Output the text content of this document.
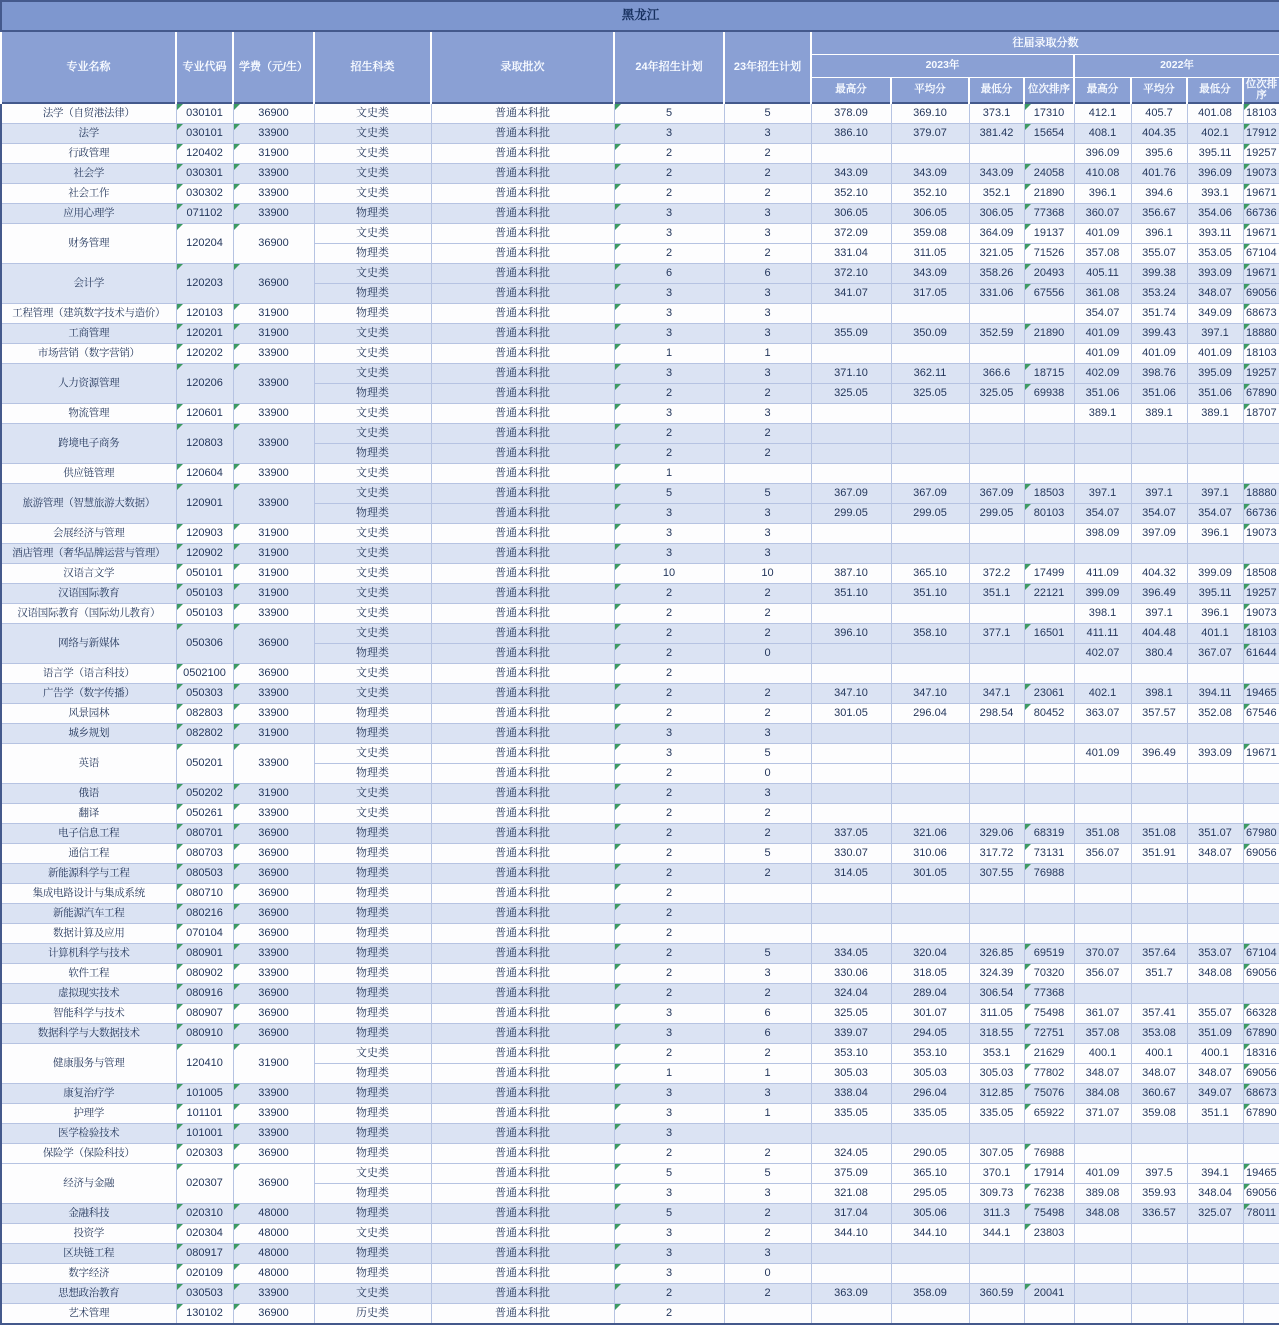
黑龙江														
专业名称	专业代码	学费（元/生）	招生科类	录取批次	24年招生计划	23年招生计划	往届录取分数							
							2023年				2022年			
							最高分	平均分	最低分	位次排序	最高分	平均分	最低分	位次排序
法学（自贸港法律）	030101	36900	文史类	普通本科批	5	5	378.09	369.10	373.1	17310	412.1	405.7	401.08	18103
法学	030101	33900	文史类	普通本科批	3	3	386.10	379.07	381.42	15654	408.1	404.35	402.1	17912
行政管理	120402	31900	文史类	普通本科批	2	2					396.09	395.6	395.11	19257
社会学	030301	33900	文史类	普通本科批	2	2	343.09	343.09	343.09	24058	410.08	401.76	396.09	19073
社会工作	030302	33900	文史类	普通本科批	2	2	352.10	352.10	352.1	21890	396.1	394.6	393.1	19671
应用心理学	071102	33900	物理类	普通本科批	3	3	306.05	306.05	306.05	77368	360.07	356.67	354.06	66736
财务管理	120204	36900	文史类	普通本科批	3	3	372.09	359.08	364.09	19137	401.09	396.1	393.11	19671
			物理类	普通本科批	2	2	331.04	311.05	321.05	71526	357.08	355.07	353.05	67104
会计学	120203	36900	文史类	普通本科批	6	6	372.10	343.09	358.26	20493	405.11	399.38	393.09	19671
			物理类	普通本科批	3	3	341.07	317.05	331.06	67556	361.08	353.24	348.07	69056
工程管理（建筑数字技术与造价）	120103	31900	物理类	普通本科批	3	3					354.07	351.74	349.09	68673
工商管理	120201	31900	文史类	普通本科批	3	3	355.09	350.09	352.59	21890	401.09	399.43	397.1	18880
市场营销（数字营销）	120202	33900	文史类	普通本科批	1	1					401.09	401.09	401.09	18103
人力资源管理	120206	33900	文史类	普通本科批	3	3	371.10	362.11	366.6	18715	402.09	398.76	395.09	19257
			物理类	普通本科批	2	2	325.05	325.05	325.05	69938	351.06	351.06	351.06	67890
物流管理	120601	33900	文史类	普通本科批	3	3					389.1	389.1	389.1	18707
跨境电子商务	120803	33900	文史类	普通本科批	2	2								
			物理类	普通本科批	2	2								
供应链管理	120604	33900	文史类	普通本科批	1									
旅游管理（智慧旅游大数据）	120901	33900	文史类	普通本科批	5	5	367.09	367.09	367.09	18503	397.1	397.1	397.1	18880
			物理类	普通本科批	3	3	299.05	299.05	299.05	80103	354.07	354.07	354.07	66736
会展经济与管理	120903	31900	文史类	普通本科批	3	3					398.09	397.09	396.1	19073
酒店管理（奢华品牌运营与管理）	120902	31900	文史类	普通本科批	3	3								
汉语言文学	050101	31900	文史类	普通本科批	10	10	387.10	365.10	372.2	17499	411.09	404.32	399.09	18508
汉语国际教育	050103	31900	文史类	普通本科批	2	2	351.10	351.10	351.1	22121	399.09	396.49	395.11	19257
汉语国际教育（国际幼儿教育）	050103	33900	文史类	普通本科批	2	2					398.1	397.1	396.1	19073
网络与新媒体	050306	36900	文史类	普通本科批	2	2	396.10	358.10	377.1	16501	411.11	404.48	401.1	18103
			物理类	普通本科批	2	0					402.07	380.4	367.07	61644
语言学（语言科技）	0502100	36900	文史类	普通本科批	2									
广告学（数字传播）	050303	33900	文史类	普通本科批	2	2	347.10	347.10	347.1	23061	402.1	398.1	394.11	19465
风景园林	082803	33900	物理类	普通本科批	2	2	301.05	296.04	298.54	80452	363.07	357.57	352.08	67546
城乡规划	082802	31900	物理类	普通本科批	3	3								
英语	050201	33900	文史类	普通本科批	3	5					401.09	396.49	393.09	19671
			物理类	普通本科批	2	0								
俄语	050202	31900	文史类	普通本科批	2	3								
翻译	050261	33900	文史类	普通本科批	2	2								
电子信息工程	080701	36900	物理类	普通本科批	2	2	337.05	321.06	329.06	68319	351.08	351.08	351.07	67980
通信工程	080703	36900	物理类	普通本科批	2	5	330.07	310.06	317.72	73131	356.07	351.91	348.07	69056
新能源科学与工程	080503	36900	物理类	普通本科批	2	2	314.05	301.05	307.55	76988				
集成电路设计与集成系统	080710	36900	物理类	普通本科批	2									
新能源汽车工程	080216	36900	物理类	普通本科批	2									
数据计算及应用	070104	36900	物理类	普通本科批	2									
计算机科学与技术	080901	33900	物理类	普通本科批	2	5	334.05	320.04	326.85	69519	370.07	357.64	353.07	67104
软件工程	080902	33900	物理类	普通本科批	2	3	330.06	318.05	324.39	70320	356.07	351.7	348.08	69056
虚拟现实技术	080916	36900	物理类	普通本科批	2	2	324.04	289.04	306.54	77368				
智能科学与技术	080907	36900	物理类	普通本科批	3	6	325.05	301.07	311.05	75498	361.07	357.41	355.07	66328
数据科学与大数据技术	080910	36900	物理类	普通本科批	3	6	339.07	294.05	318.55	72751	357.08	353.08	351.09	67890
健康服务与管理	120410	31900	文史类	普通本科批	2	2	353.10	353.10	353.1	21629	400.1	400.1	400.1	18316
			物理类	普通本科批	1	1	305.03	305.03	305.03	77802	348.07	348.07	348.07	69056
康复治疗学	101005	33900	物理类	普通本科批	3	3	338.04	296.04	312.85	75076	384.08	360.67	349.07	68673
护理学	101101	33900	物理类	普通本科批	3	1	335.05	335.05	335.05	65922	371.07	359.08	351.1	67890
医学检验技术	101001	33900	物理类	普通本科批	3									
保险学（保险科技）	020303	36900	物理类	普通本科批	2	2	324.05	290.05	307.05	76988				
经济与金融	020307	36900	文史类	普通本科批	5	5	375.09	365.10	370.1	17914	401.09	397.5	394.1	19465
			物理类	普通本科批	3	3	321.08	295.05	309.73	76238	389.08	359.93	348.04	69056
金融科技	020310	48000	物理类	普通本科批	5	2	317.04	305.06	311.3	75498	348.08	336.57	325.07	78011
投资学	020304	48000	文史类	普通本科批	3	2	344.10	344.10	344.1	23803				
区块链工程	080917	48000	物理类	普通本科批	3	3								
数字经济	020109	48000	物理类	普通本科批	3	0								
思想政治教育	030503	33900	文史类	普通本科批	2	2	363.09	358.09	360.59	20041				
艺术管理	130102	36900	历史类	普通本科批	2									
